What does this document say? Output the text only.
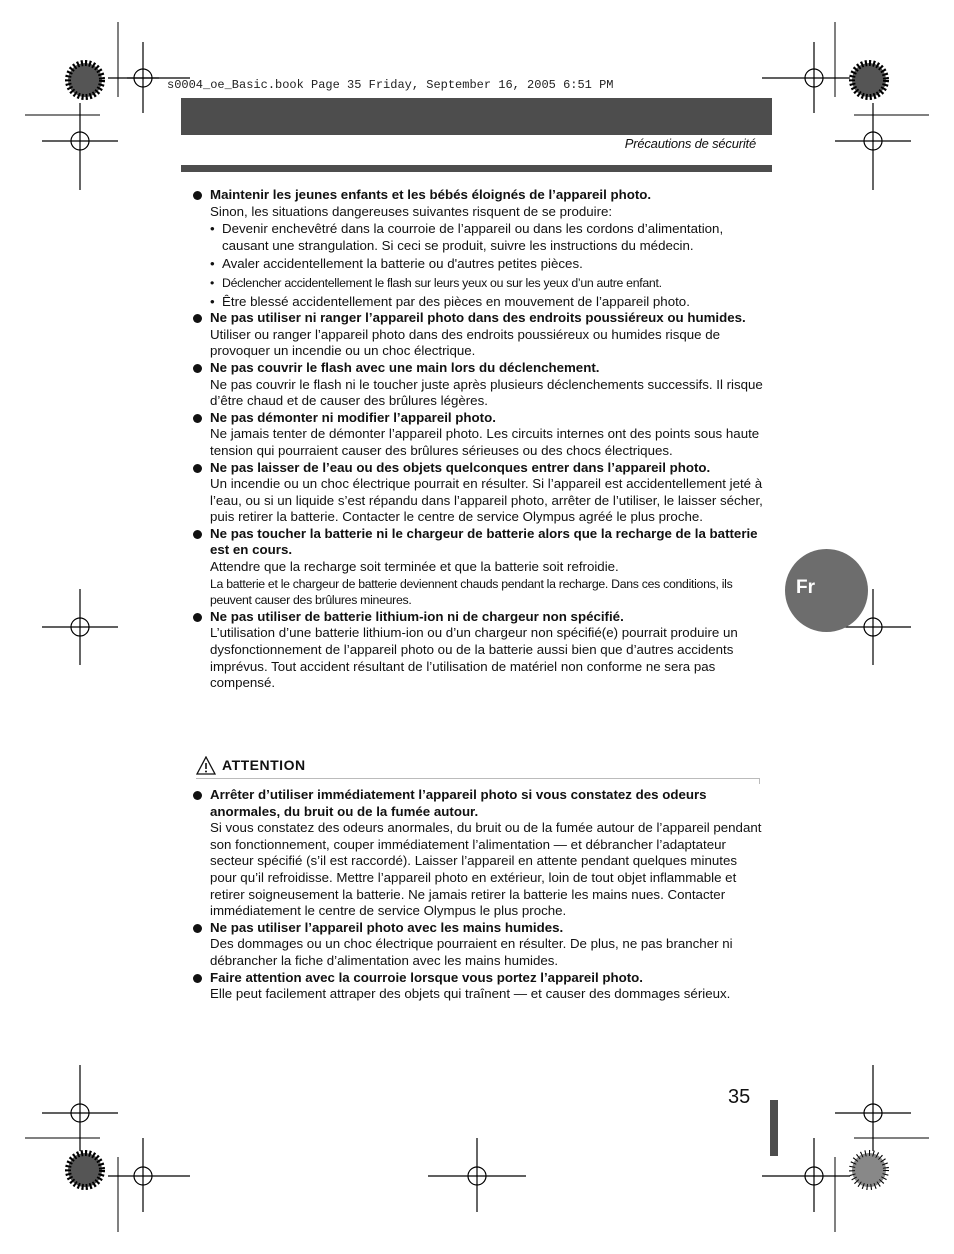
s0004_oe_Basic.book Page 35 Friday, September 16, 2005 6:51 PM
Précautions de sécurité
Maintenir les jeunes enfants et les bébés éloignés de l’appareil photo.
Sinon, les situations dangereuses suivantes risquent de se produire:
• Devenir enchevêtré dans la courroie de l’appareil ou dans les cordons d’alimentation, causant une strangulation. Si ceci se produit, suivre les instructions du médecin.
• Avaler accidentellement la batterie ou d'autres petites pièces.
• Déclencher accidentellement le flash sur leurs yeux ou sur les yeux d’un autre enfant.
• Être blessé accidentellement par des pièces en mouvement de l’appareil photo.
Ne pas utiliser ni ranger l’appareil photo dans des endroits poussiéreux ou humides.
Utiliser ou ranger l’appareil photo dans des endroits poussiéreux ou humides risque de provoquer un incendie ou un choc électrique.
Ne pas couvrir le flash avec une main lors du déclenchement.
Ne pas couvrir le flash ni le toucher juste après plusieurs déclenchements successifs. Il risque d’être chaud et de causer des brûlures légères.
Ne pas démonter ni modifier l’appareil photo.
Ne jamais tenter de démonter l’appareil photo. Les circuits internes ont des points sous haute tension qui pourraient causer des brûlures sérieuses ou des chocs électriques.
Ne pas laisser de l’eau ou des objets quelconques entrer dans l’appareil photo.
Un incendie ou un choc électrique pourrait en résulter. Si l’appareil est accidentellement jeté à l’eau, ou si un liquide s’est répandu dans l’appareil photo, arrêter de l’utiliser, le laisser sécher, puis retirer la batterie. Contacter le centre de service Olympus agréé le plus proche.
Ne pas toucher la batterie ni le chargeur de batterie alors que la recharge de la batterie est en cours.
Attendre que la recharge soit terminée et que la batterie soit refroidie.
La batterie et le chargeur de batterie deviennent chauds pendant la recharge. Dans ces conditions, ils peuvent causer des brûlures mineures.
Ne pas utiliser de batterie lithium-ion ni de chargeur non spécifié.
L’utilisation d’une batterie lithium-ion ou d’un chargeur non spécifié(e) pourrait produire un dysfonctionnement de l’appareil photo ou de la batterie aussi bien que d’autres accidents imprévus. Tout accident résultant de l’utilisation de matériel non conforme ne sera pas compensé.
ATTENTION
Arrêter d’utiliser immédiatement l’appareil photo si vous constatez des odeurs anormales, du bruit ou de la fumée autour.
Si vous constatez des odeurs anormales, du bruit ou de la fumée autour de l’appareil pendant son fonctionnement, couper immédiatement l’alimentation — et débrancher l’adaptateur secteur spécifié (s’il est raccordé). Laisser l’appareil en attente pendant quelques minutes pour qu’il refroidisse. Mettre l’appareil photo en extérieur, loin de tout objet inflammable et retirer soigneusement la batterie. Ne jamais retirer la batterie les mains nues. Contacter immédiatement le centre de service Olympus le plus proche.
Ne pas utiliser l’appareil photo avec les mains humides.
Des dommages ou un choc électrique pourraient en résulter. De plus, ne pas brancher ni débrancher la fiche d’alimentation avec les mains humides.
Faire attention avec la courroie lorsque vous portez l’appareil photo.
Elle peut facilement attraper des objets qui traînent — et causer des dommages sérieux.
Fr
35
